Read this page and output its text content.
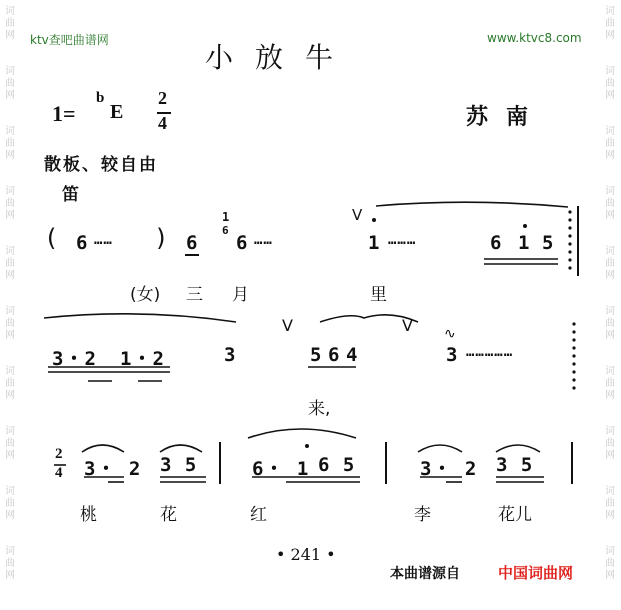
词曲网
词曲网
词曲网
词曲网
词曲网
词曲网
词曲网
词曲网
词曲网
词曲网
词曲网
词曲网
词曲网
词曲网
词曲网
词曲网
词曲网
词曲网
词曲网
词曲网
ktv查吧曲谱网	www.ktvc8.com
小放牛
1=
b
E
2
4	苏南
散板、较自由
笛
( 6 …… ) 6
1
6
6 ……
V
1 ………	6 1 5
(女) 三 月	里
3・2 1・2	3
V
5 6 4
V ∿
3 ……………
来,
2
4 3・ 2 3 5	6・ 1 6 5	3・ 2 3 5
桃	花	红	李	花儿
• 241 •
本曲谱源自	中国词曲网
